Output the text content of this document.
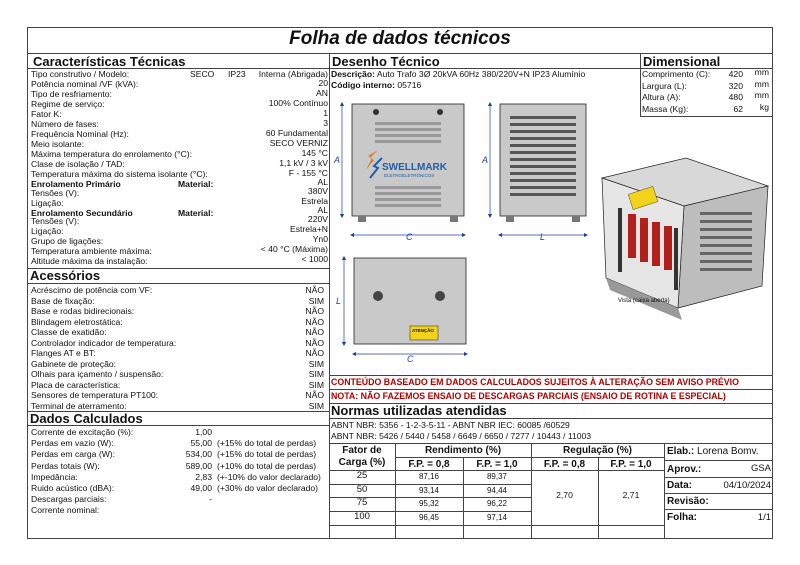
Folha de dados técnicos
Características Técnicas
Tipo construtivo / Modelo:	SECO IP23 Interna (Abrigada)
Potência nominal /VF (kVA):	20
Tipo de resfriamento:	AN
Regime de serviço:	100% Contínuo
Fator K:	1
Número de fases:	3
Frequência Nominal (Hz):	60 Fundamental
Meio isolante:	SECO VERNIZ
Máxima temperatura do enrolamento (°C):	145 °C
Clase de isolação / TAD:	1,1 kV / 3 kV
Temperatura máxima do sistema isolante (°C):	F - 155 °C
Enrolamento Primário	Material:	AL
Tensões (V):	380V
Ligação:	Estrela
Enrolamento Secundário	Material:	AL
Tensões (V):	220V
Ligação:	Estrela+N
Grupo de ligações:	Yn0
Temperatura ambiente máxima:	< 40 °C (Máxima)
Altitude máxima da instalação:	< 1000
Acessórios
Acréscimo de potência com VF:	NÃO
Base de fixação:	SIM
Base e rodas bidirecionais:	NÃO
Blindagem eletrostática:	NÃO
Classe de exatidão:	NÃO
Controlador indicador de temperatura:	NÃO
Flanges AT e BT:	NÃO
Gabinete de proteção:	SIM
Olhais para içamento / suspensão:	SIM
Placa de característica:	SIM
Sensores de temperatura PT100:	NÃO
Terminal de aterramento:	SIM
Dados Calculados
Corrente de excitação (%):	1,00
Perdas em vazio (W):	55,00 (+15% do total de perdas)
Perdas em carga (W):	534,00 (+15% do total de perdas)
Perdas totais (W):	589,00 (+10% do total de perdas)
Impedância:	2,83 (+-10% do valor declarado)
Ruido acústico (dBA):	49,00 (+30% do valor declarado)
Descargas parciais:	-
Corrente nominal:
Desenho Técnico
Descrição: Auto Trafo 3Ø 20kVA 60Hz 380/220V+N IP23 Alumínio
Código interno: 05716
SWELLMARK
ELETROELETRÔNICOS
C
A
L
A
ATENÇÃO
C
L	Vista (caixa aberta)
Dimensional
Comprimento (C): 420 mm
Largura (L):	320 mm
Altura (A):	480 mm
Massa (Kg):	62 kg
CONTEÚDO BASEADO EM DADOS CALCULADOS SUJEITOS À ALTERAÇÃO SEM AVISO PRÉVIO
NOTA: NÃO FAZEMOS ENSAIO DE DESCARGAS PARCIAIS (ENSAIO DE ROTINA E ESPECIAL)
Normas utilizadas atendidas
ABNT NBR: 5356 - 1-2-3-5-11 - ABNT NBR IEC: 60085 /60529
ABNT NBR: 5426 / 5440 / 5458 / 6649 / 6650 / 7277 / 10443 / 11003
Fator de Carga (%)
Rendimento (%)	Regulação (%)
F.P. = 0,8	F.P. = 1,0	F.P. = 0,8	F.P. = 1,0
25	87,16	89,37
50	93,14	94,44
75	95,32	96,22
100	96,45	97,14
2,70	2,71
Elab.: Lorena Bomv.
Aprov.:	GSA
Data:	04/10/2024
Revisão:
Folha:	1/1
